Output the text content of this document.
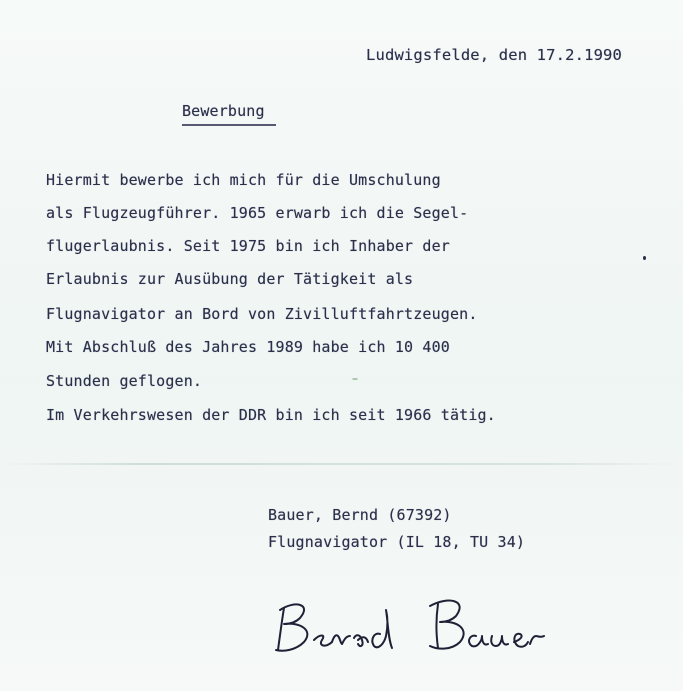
Ludwigsfelde, den 17.2.1990
Bewerbung
Hiermit bewerbe ich mich für die Umschulung
als Flugzeugführer. 1965 erwarb ich die Segel-
flugerlaubnis. Seit 1975 bin ich Inhaber der
Erlaubnis zur Ausübung der Tätigkeit als
Flugnavigator an Bord von Zivilluftfahrtzeugen.
Mit Abschluß des Jahres 1989 habe ich 10 400
Stunden geflogen.
Im Verkehrswesen der DDR bin ich seit 1966 tätig.
Bauer, Bernd (67392)
Flugnavigator (IL 18, TU 34)
